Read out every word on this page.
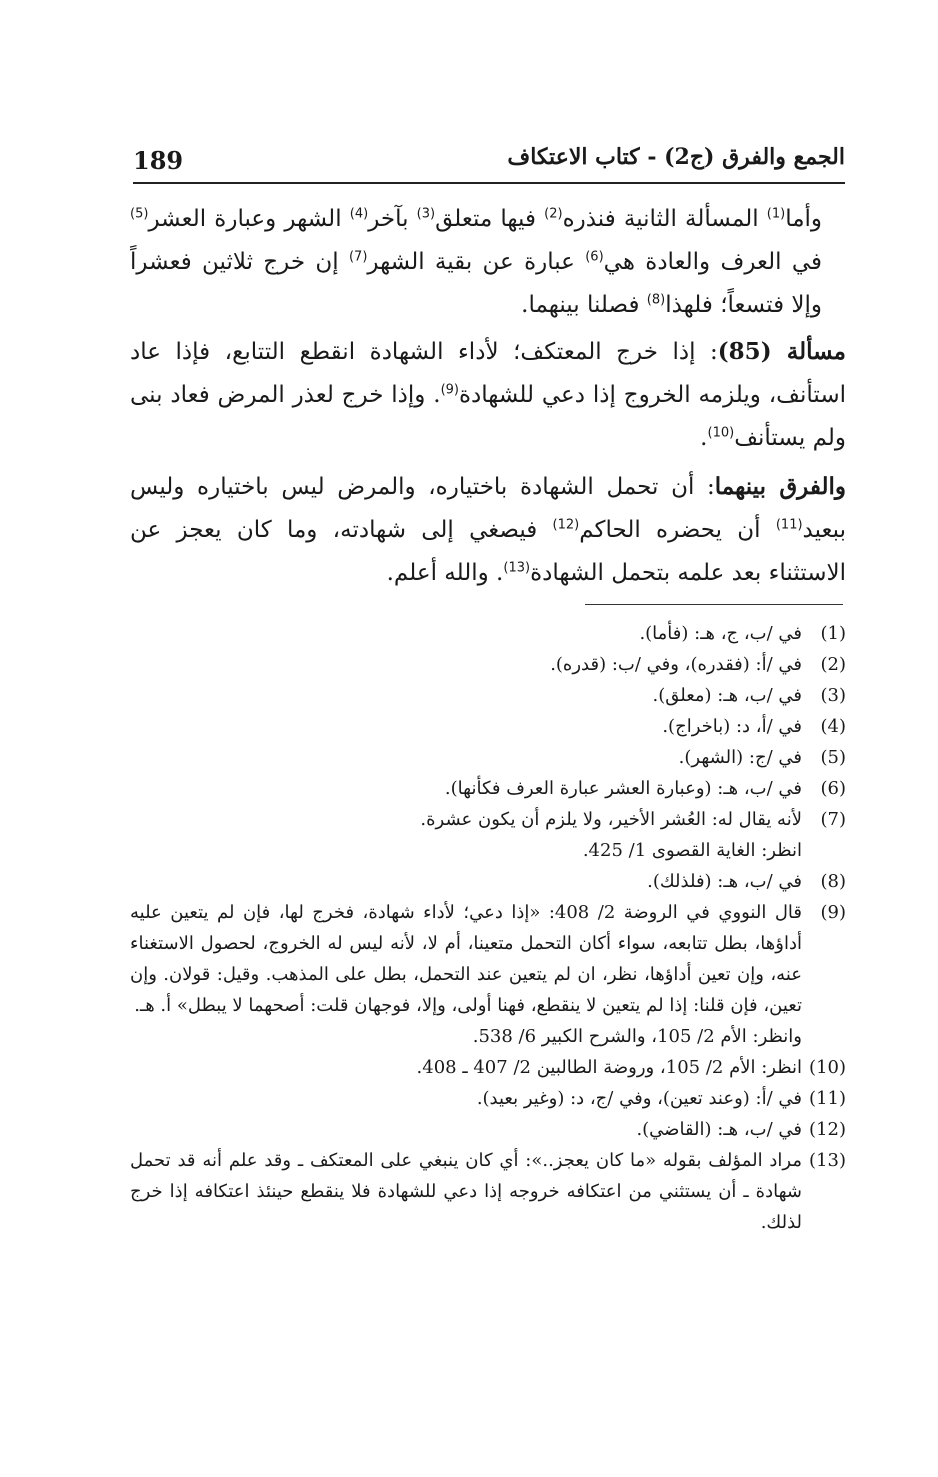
189	الجمع والفرق (ج2) - كتاب الاعتكاف

وأما$^{(1)}$ المسألة الثانية فنذره$^{(2)}$ فيها متعلق$^{(3)}$ بآخر$^{(4)}$ الشهر وعبارة العشر$^{(5)}$ في العرف والعادة هي$^{(6)}$ عبارة عن بقية الشهر$^{(7)}$ إن خرج ثلاثين فعشراً وإلا فتسعاً؛ فلهذا$^{(8)}$ فصلنا بينهما.

مسألة (85): إذا خرج المعتكف؛ لأداء الشهادة انقطع التتابع، فإذا عاد استأنف، ويلزمه الخروج إذا دعي للشهادة$^{(9)}$. وإذا خرج لعذر المرض فعاد بنى ولم يستأنف$^{(10)}$.

والفرق بينهما: أن تحمل الشهادة باختياره، والمرض ليس باختياره وليس ببعيد$^{(11)}$ أن يحضره الحاكم$^{(12)}$ فيصغي إلى شهادته، وما كان يعجز عن الاستثناء بعد علمه بتحمل الشهادة$^{(13)}$. والله أعلم.

(1)
في /ب، ج، هـ: (فأما).
(2)
في /أ: (فقدره)، وفي /ب: (قدره).
(3)
في /ب، هـ: (معلق).
(4)
في /أ، د: (باخراج).
(5)
في /ج: (الشهر).
(6)
في /ب، هـ: (وعبارة العشر عبارة العرف فكأنها).
(7)
لأنه يقال له: العُشر الأخير، ولا يلزم أن يكون عشرة.
انظر: الغاية القصوى 1/ 425.
(8)
في /ب، هـ: (فلذلك).
(9)
قال النووي في الروضة 2/ 408: «إذا دعي؛ لأداء شهادة، فخرج لها، فإن لم يتعين عليه أداؤها، بطل تتابعه، سواء أكان التحمل متعينا، أم لا، لأنه ليس له الخروج، لحصول الاستغناء عنه، وإن تعين أداؤها، نظر، ان لم يتعين عند التحمل، بطل على المذهب. وقيل: قولان. وإن تعين، فإن قلنا: إذا لم يتعين لا ينقطع، فهنا أولى، وإلا، فوجهان قلت: أصحهما لا يبطل» أ. هـ.
وانظر: الأم 2/ 105، والشرح الكبير 6/ 538.
(10)
انظر: الأم 2/ 105، وروضة الطالبين 2/ 407 ـ 408.
(11)
في /أ: (وعند تعين)، وفي /ج، د: (وغير بعيد).
(12)
في /ب، هـ: (القاضي).
(13)
مراد المؤلف بقوله «ما كان يعجز..»: أي كان ينبغي على المعتكف ـ وقد علم أنه قد تحمل شهادة ـ أن يستثني من اعتكافه خروجه إذا دعي للشهادة فلا ينقطع حينئذ اعتكافه إذا خرج لذلك.
